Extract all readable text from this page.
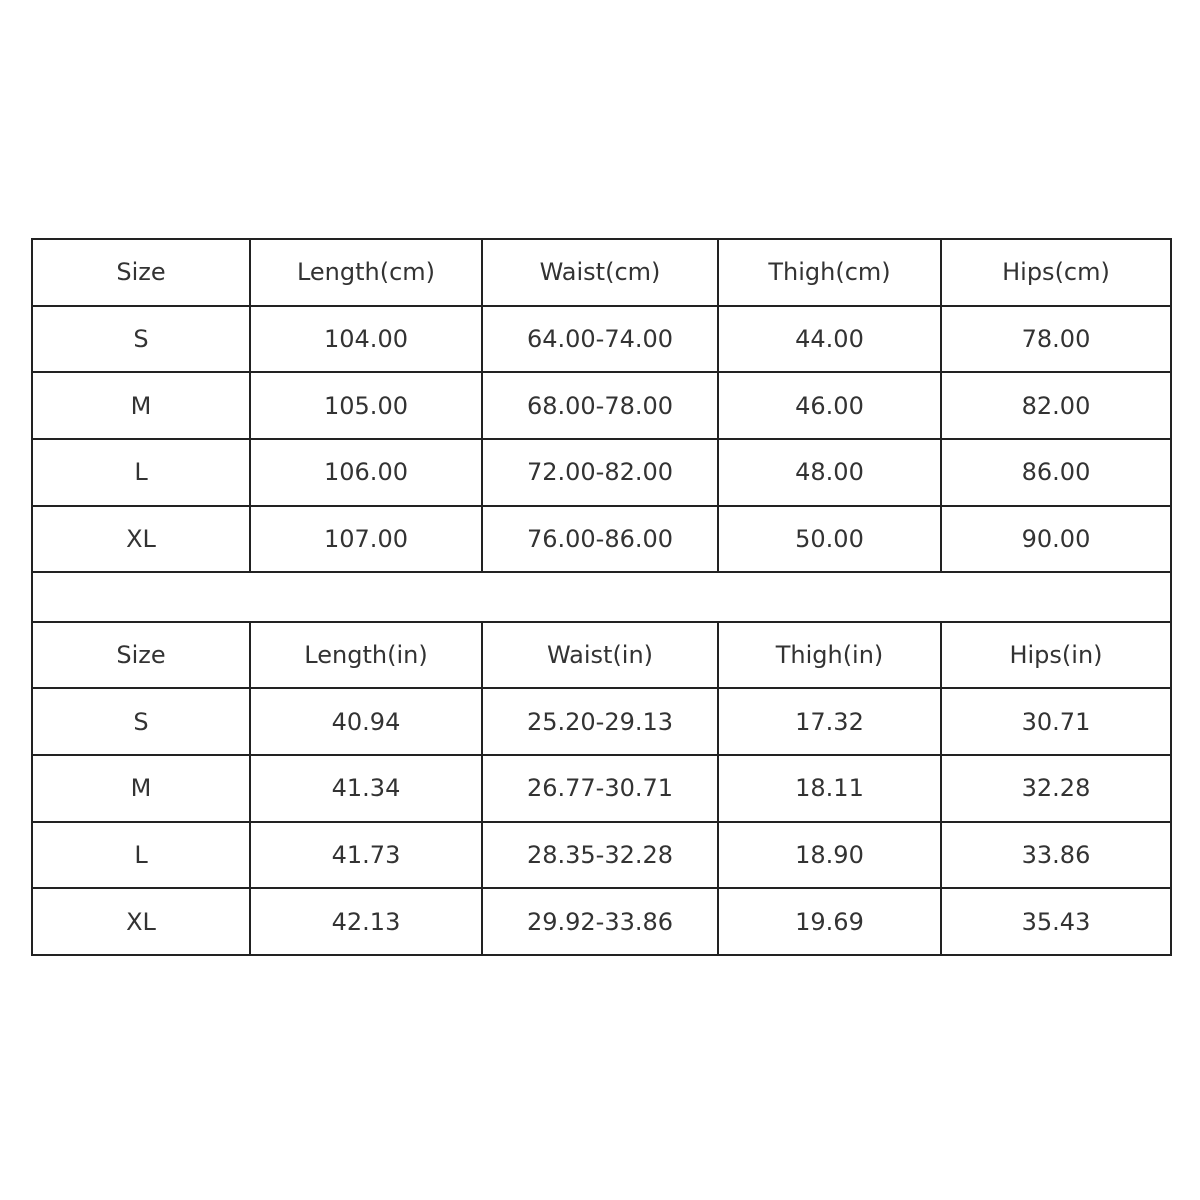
Size	Length(cm)	Waist(cm)	Thigh(cm)	Hips(cm)
S	104.00	64.00-74.00	44.00	78.00
M	105.00	68.00-78.00	46.00	82.00
L	106.00	72.00-82.00	48.00	86.00
XL	107.00	76.00-86.00	50.00	90.00

Size	Length(in)	Waist(in)	Thigh(in)	Hips(in)
S	40.94	25.20-29.13	17.32	30.71
M	41.34	26.77-30.71	18.11	32.28
L	41.73	28.35-32.28	18.90	33.86
XL	42.13	29.92-33.86	19.69	35.43
